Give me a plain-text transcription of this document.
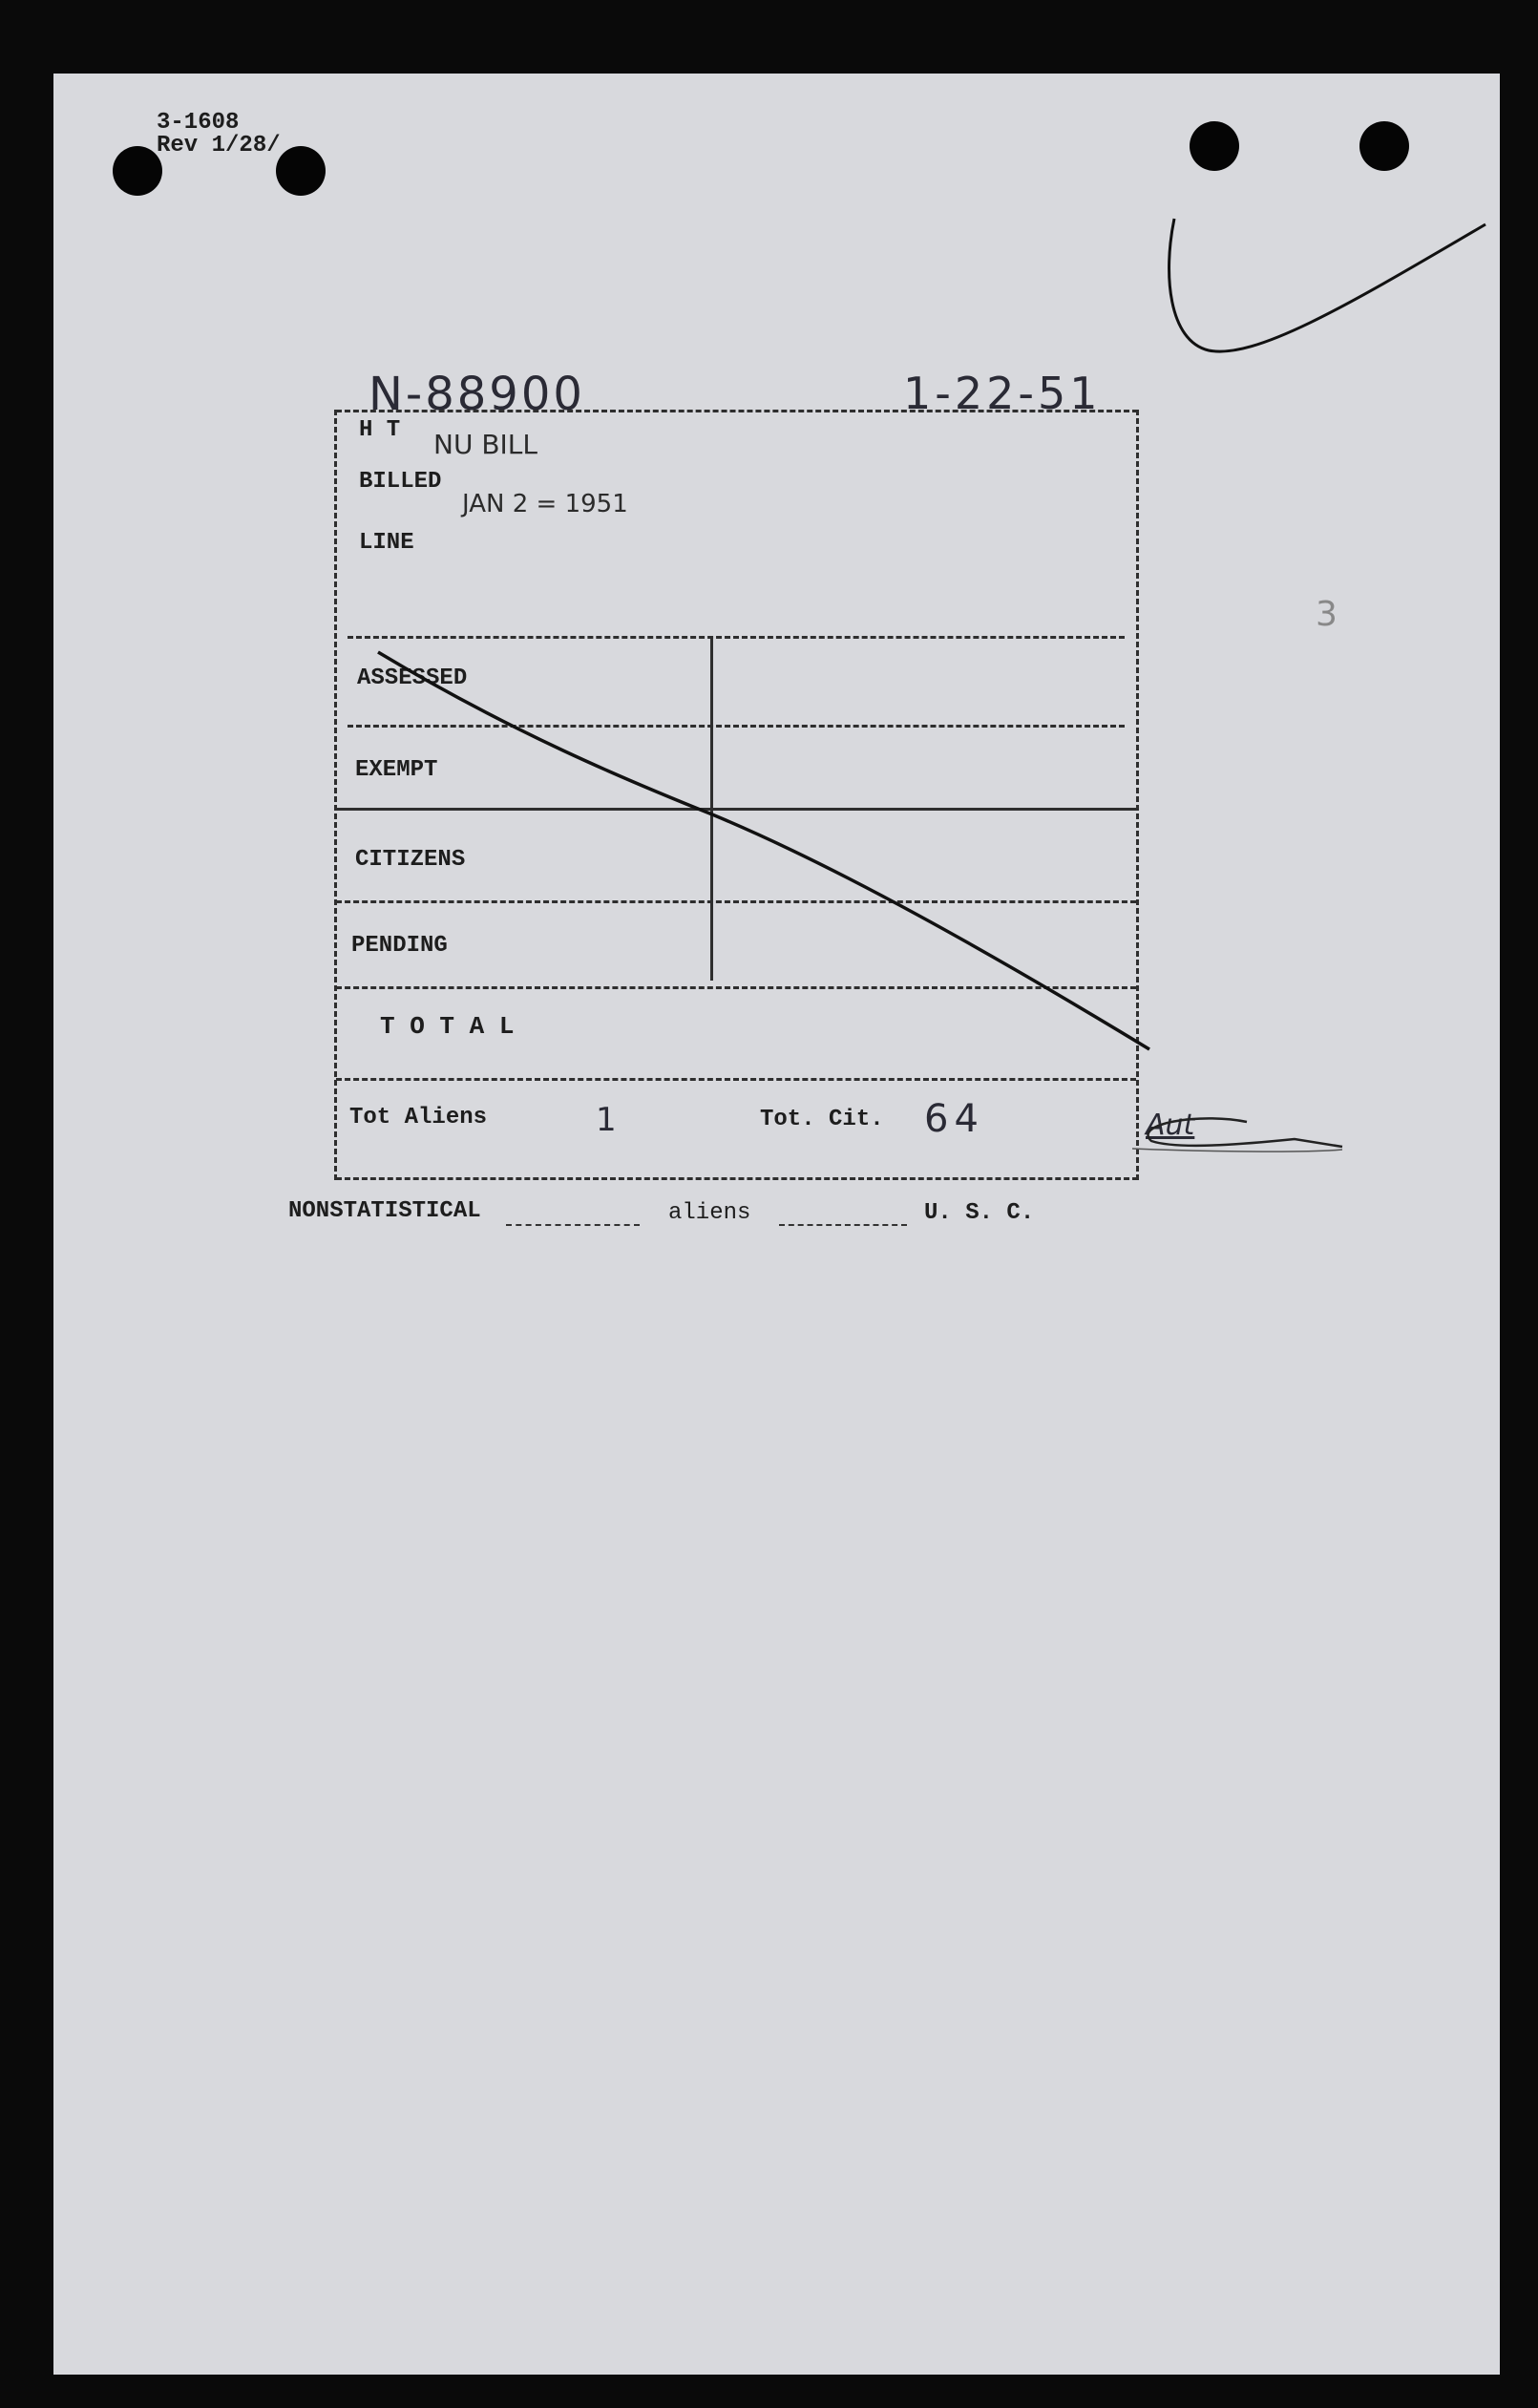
3-1608
Rev 1/28/
N-88900	1-22-51
3
H T NU BILL
BILLED
JAN 2 = 1951
LINE
ASSESSED
EXEMPT
CITIZENS
PENDING
T O T A L
Tot Aliens	1	Tot. Cit. 64	Aut
NONSTATISTICAL	aliens	U. S. C.
